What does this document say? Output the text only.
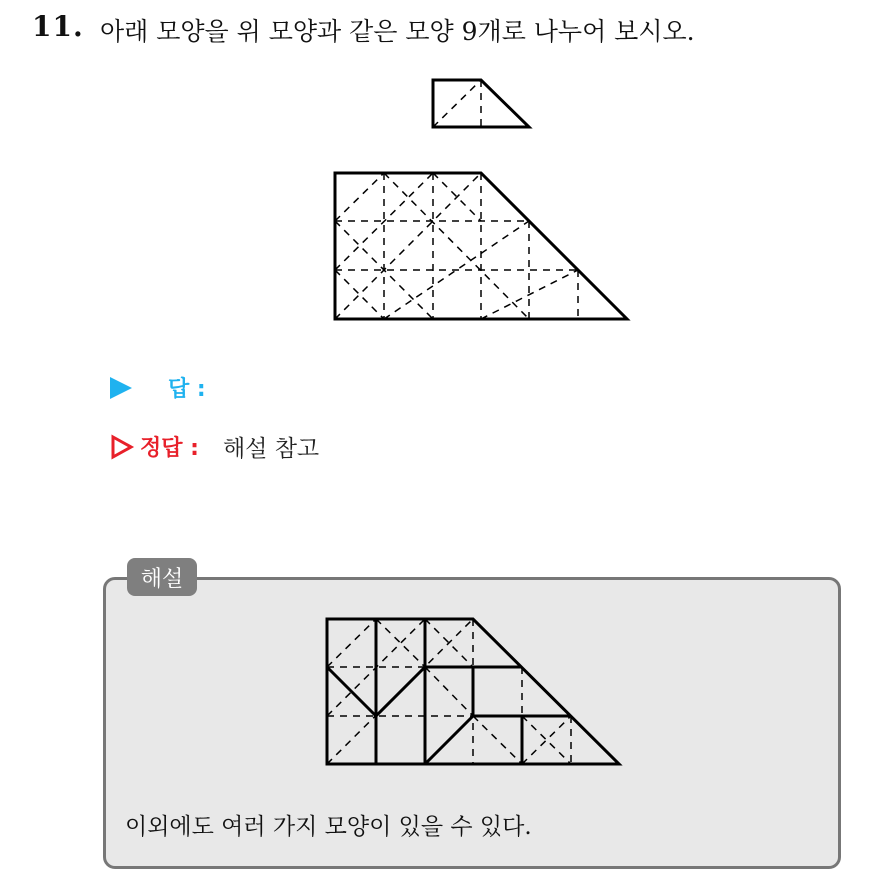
11. 아래 모양을 위 모양과 같은 모양 9개로 나누어 보시오.
답 :
정답 : 해설 참고
해설
이외에도 여러 가지 모양이 있을 수 있다.
